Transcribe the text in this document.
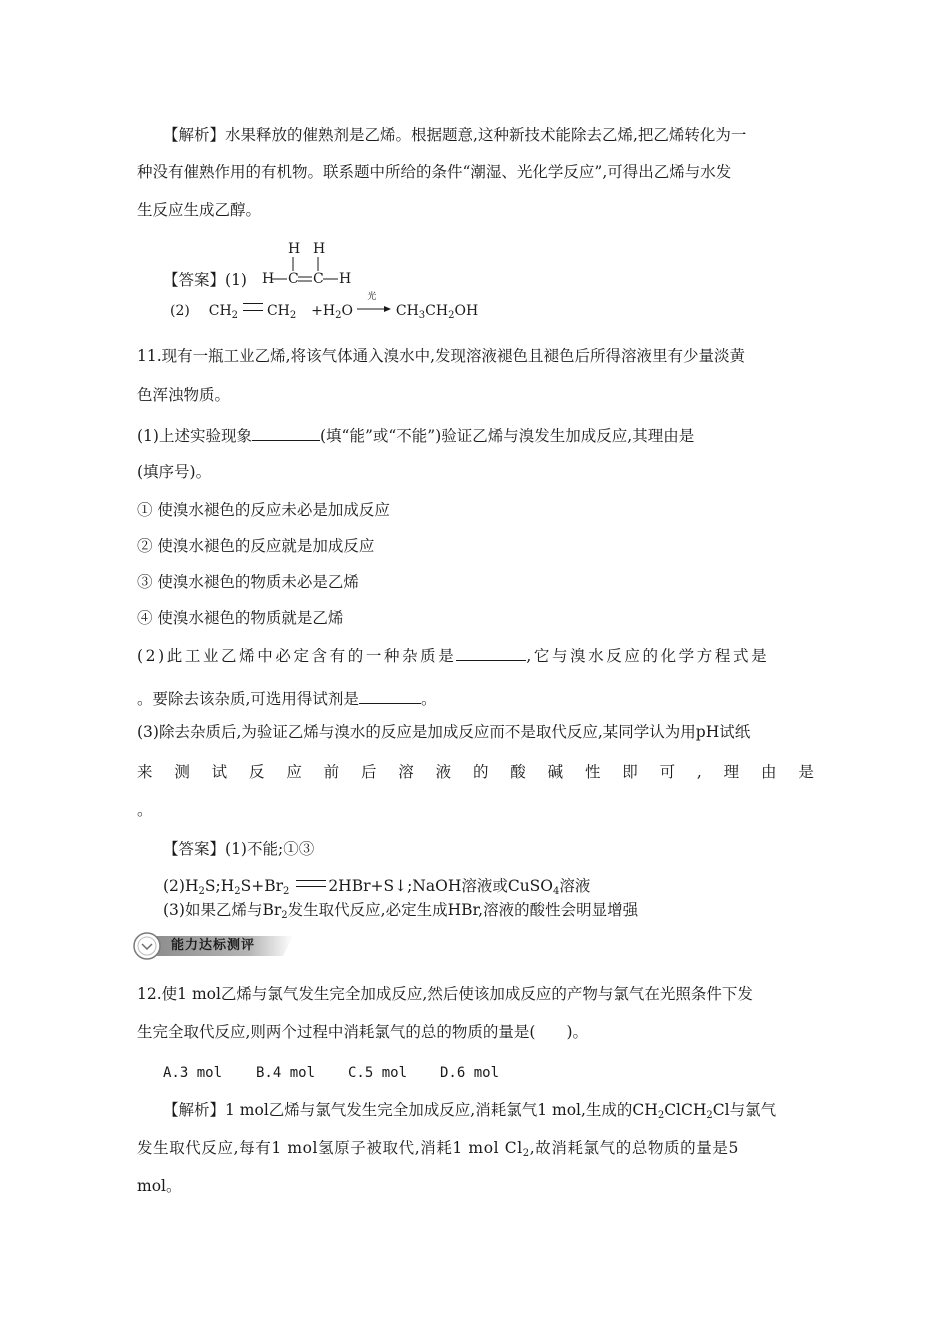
【解析】水果释放的催熟剂是乙烯。根据题意,这种新技术能除去乙烯,把乙烯转化为一
种没有催熟作用的有机物。联系题中所给的条件“潮湿、光化学反应”,可得出乙烯与水发
生反应生成乙醇。
【答案】(1)
H H
H C C H
(2) $CH_2$ $CH_2 +H_2O$
光
$CH_3CH_2OH$
11.现有一瓶工业乙烯,将该气体通入溴水中,发现溶液褪色且褪色后所得溶液里有少量淡黄
色浑浊物质。
(1)上述实验现象	(填“能”或“不能”)验证乙烯与溴发生加成反应,其理由是
(填序号)。
① 使溴水褪色的反应未必是加成反应
② 使溴水褪色的反应就是加成反应
③ 使溴水褪色的物质未必是乙烯
④ 使溴水褪色的物质就是乙烯
(2)此工业乙烯中必定含有的一种杂质是	,它与溴水反应的化学方程式是
。要除去该杂质,可选用得试剂是	。
(3)除去杂质后,为验证乙烯与溴水的反应是加成反应而不是取代反应,某同学认为用pH试纸
来 测 试 反 应 前 后 溶 液 的 酸 碱 性 即 可 , 理 由 是
。
【答案】(1)不能;①③
$(2)H_2S;H_2S+Br_2$	2HBr+S↓;NaOH溶液或CuSO$_4$溶液
(3)如果乙烯与$Br_2$发生取代反应,必定生成HBr,溶液的酸性会明显增强
能力达标测评
12.使1 mol乙烯与氯气发生完全加成反应,然后使该加成反应的产物与氯气在光照条件下发
生完全取代反应,则两个过程中消耗氯气的总的物质的量是(　　)。
A.3 mol B.4 mol C.5 mol D.6 mol
【解析】1 mol乙烯与氯气发生完全加成反应,消耗氯气1 mol,生成的$CH_2ClCH_2Cl$与氯气
发生取代反应,每有1 mol氢原子被取代,消耗1 mol $Cl_2$,故消耗氯气的总物质的量是5
mol。
